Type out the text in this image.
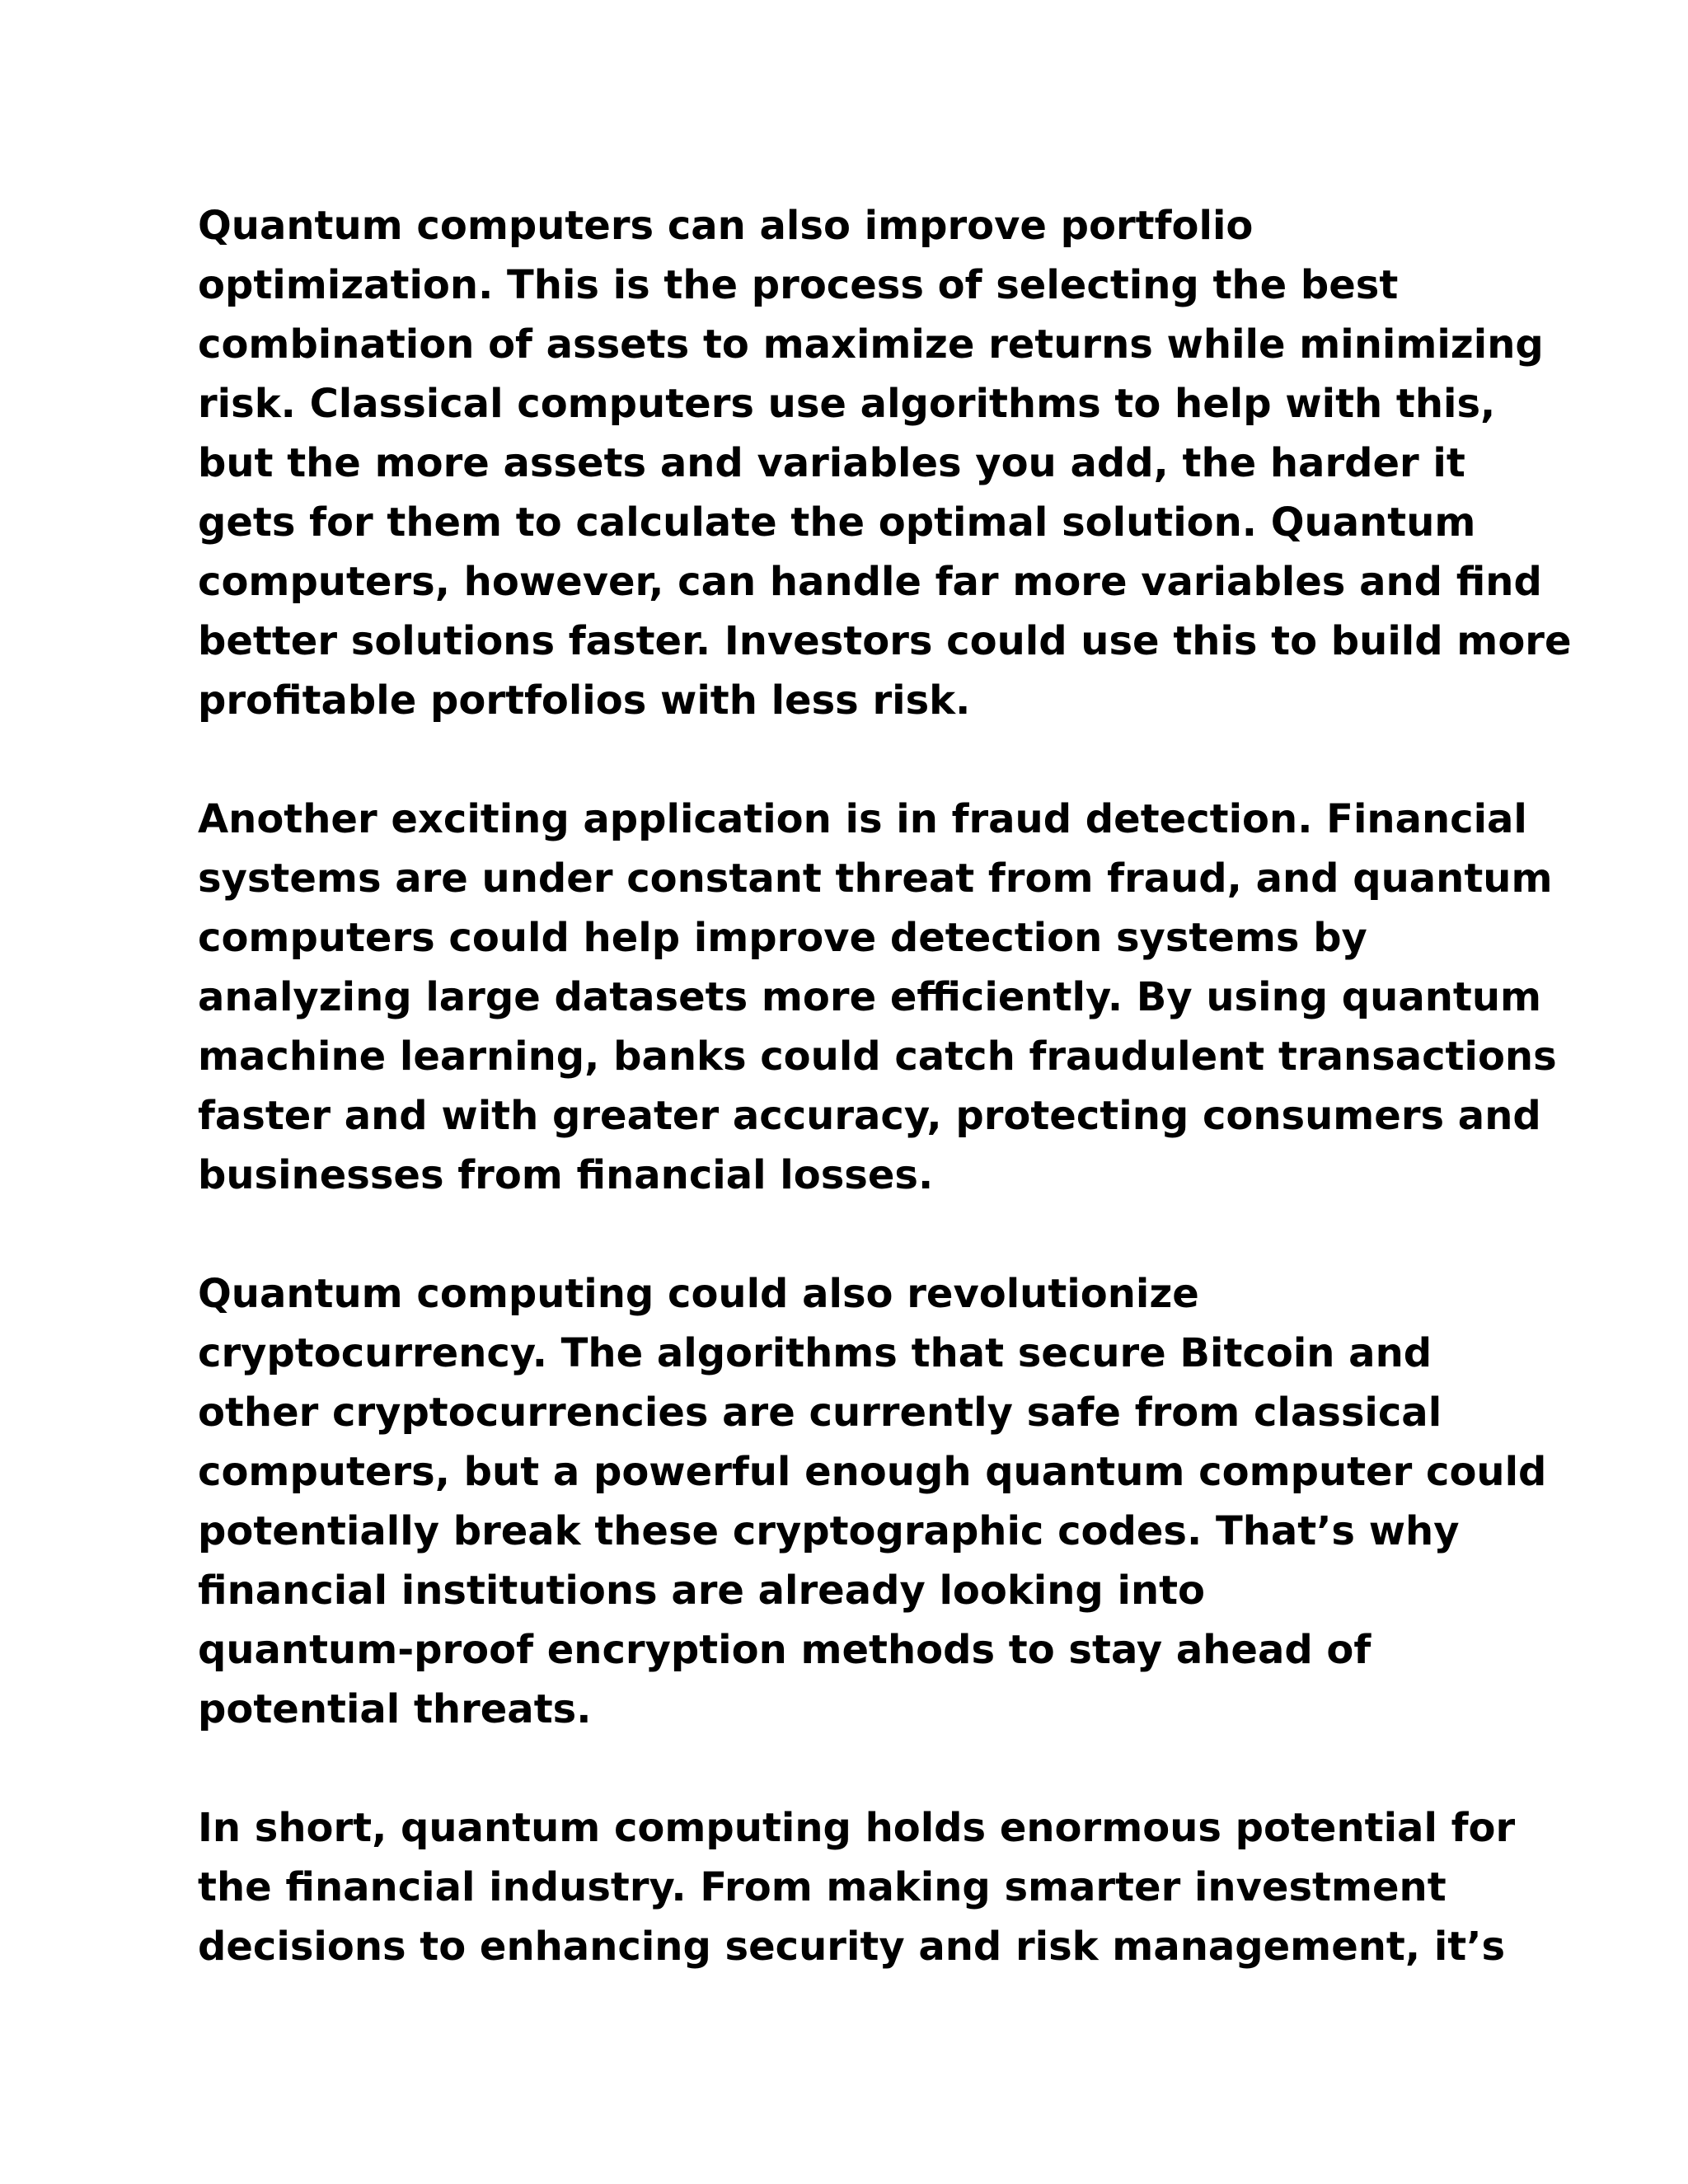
Quantum computers can also improve portfolio
optimization. This is the process of selecting the best
combination of assets to maximize returns while minimizing
risk. Classical computers use algorithms to help with this,
but the more assets and variables you add, the harder it
gets for them to calculate the optimal solution. Quantum
computers, however, can handle far more variables and find
better solutions faster. Investors could use this to build more
profitable portfolios with less risk.

Another exciting application is in fraud detection. Financial
systems are under constant threat from fraud, and quantum
computers could help improve detection systems by
analyzing large datasets more efficiently. By using quantum
machine learning, banks could catch fraudulent transactions
faster and with greater accuracy, protecting consumers and
businesses from financial losses.

Quantum computing could also revolutionize
cryptocurrency. The algorithms that secure Bitcoin and
other cryptocurrencies are currently safe from classical
computers, but a powerful enough quantum computer could
potentially break these cryptographic codes. That’s why
financial institutions are already looking into
quantum-proof encryption methods to stay ahead of
potential threats.

In short, quantum computing holds enormous potential for
the financial industry. From making smarter investment
decisions to enhancing security and risk management, it’s
